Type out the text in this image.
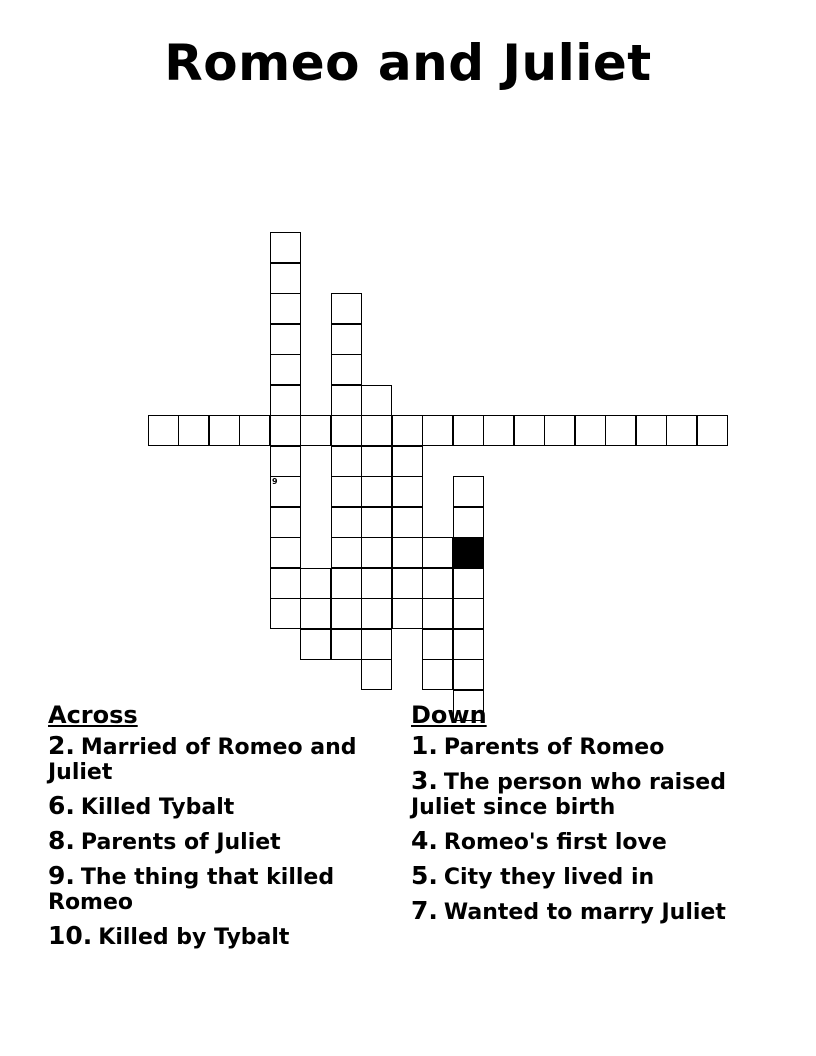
Romeo and Juliet
9
Across
2. Married of Romeo and Juliet
6. Killed Tybalt
8. Parents of Juliet
9. The thing that killed Romeo
10. Killed by Tybalt
Down
1. Parents of Romeo
3. The person who raised Juliet since birth
4. Romeo's first love
5. City they lived in
7. Wanted to marry Juliet
